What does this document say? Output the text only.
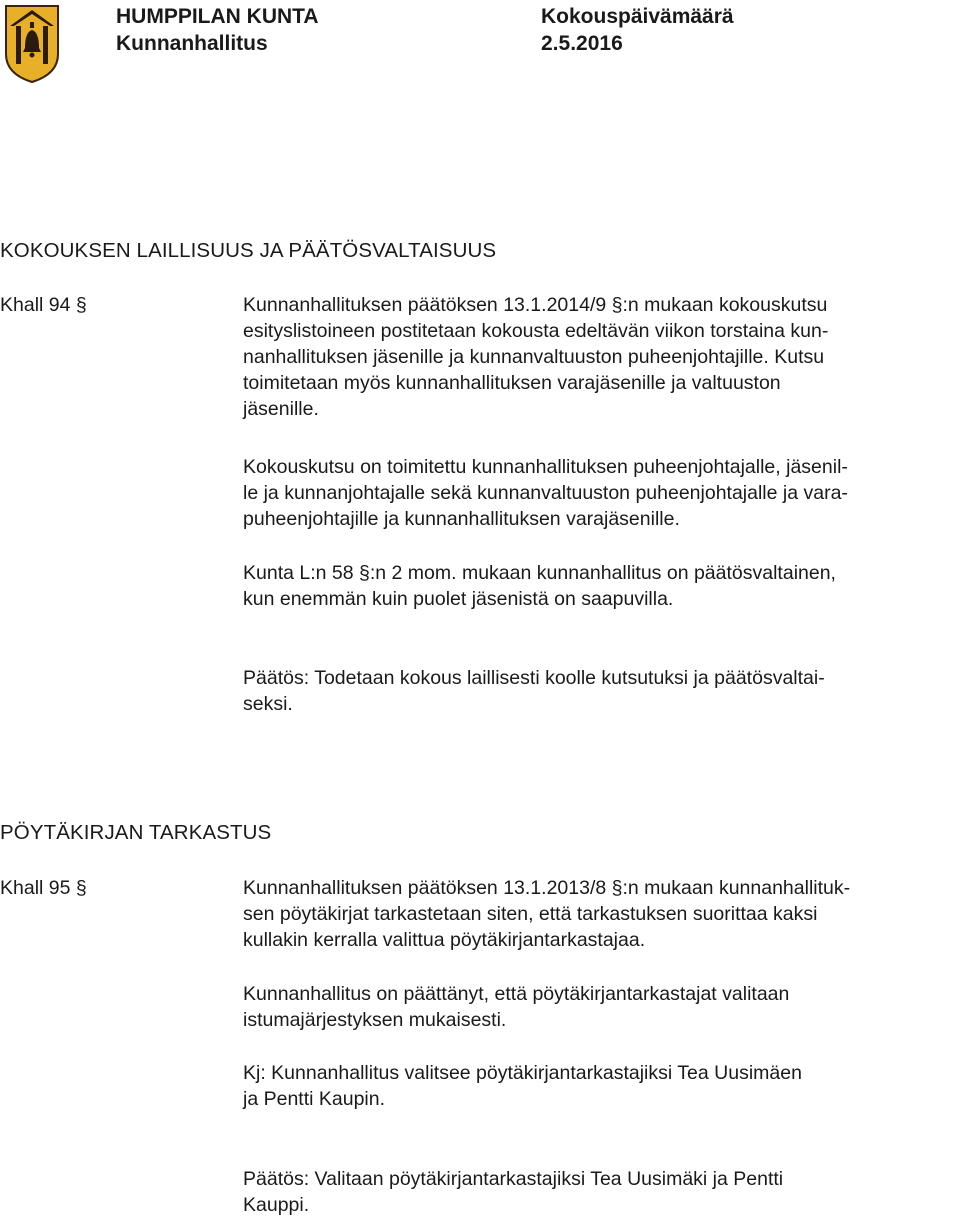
HUMPPILAN KUNTA
Kunnanhallitus
Kokouspäivämäärä
2.5.2016
KOKOUKSEN LAILLISUUS JA PÄÄTÖSVALTAISUUS
Khall 94 §	Kunnanhallituksen päätöksen 13.1.2014/9 §:n mukaan kokouskutsu
esityslistoineen postitetaan kokousta edeltävän viikon torstaina kun-
nanhallituksen jäsenille ja kunnanvaltuuston puheenjohtajille. Kutsu
toimitetaan myös kunnanhallituksen varajäsenille ja valtuuston
jäsenille.

Kokouskutsu on toimitettu kunnanhallituksen puheenjohtajalle, jäsenil-
le ja kunnanjohtajalle sekä kunnanvaltuuston puheenjohtajalle ja vara-
puheenjohtajille ja kunnanhallituksen varajäsenille.

Kunta L:n 58 §:n 2 mom. mukaan kunnanhallitus on päätösvaltainen,
kun enemmän kuin puolet jäsenistä on saapuvilla.

Päätös: Todetaan kokous laillisesti koolle kutsutuksi ja päätösvaltai-
seksi.

PÖYTÄKIRJAN TARKASTUS
Khall 95 §	Kunnanhallituksen päätöksen 13.1.2013/8 §:n mukaan kunnanhallituk-
sen pöytäkirjat tarkastetaan siten, että tarkastuksen suorittaa kaksi
kullakin kerralla valittua pöytäkirjantarkastajaa.

Kunnanhallitus on päättänyt, että pöytäkirjantarkastajat valitaan
istumajärjestyksen mukaisesti.

Kj: Kunnanhallitus valitsee pöytäkirjantarkastajiksi Tea Uusimäen
ja Pentti Kaupin.

Päätös: Valitaan pöytäkirjantarkastajiksi Tea Uusimäki ja Pentti
Kauppi.
